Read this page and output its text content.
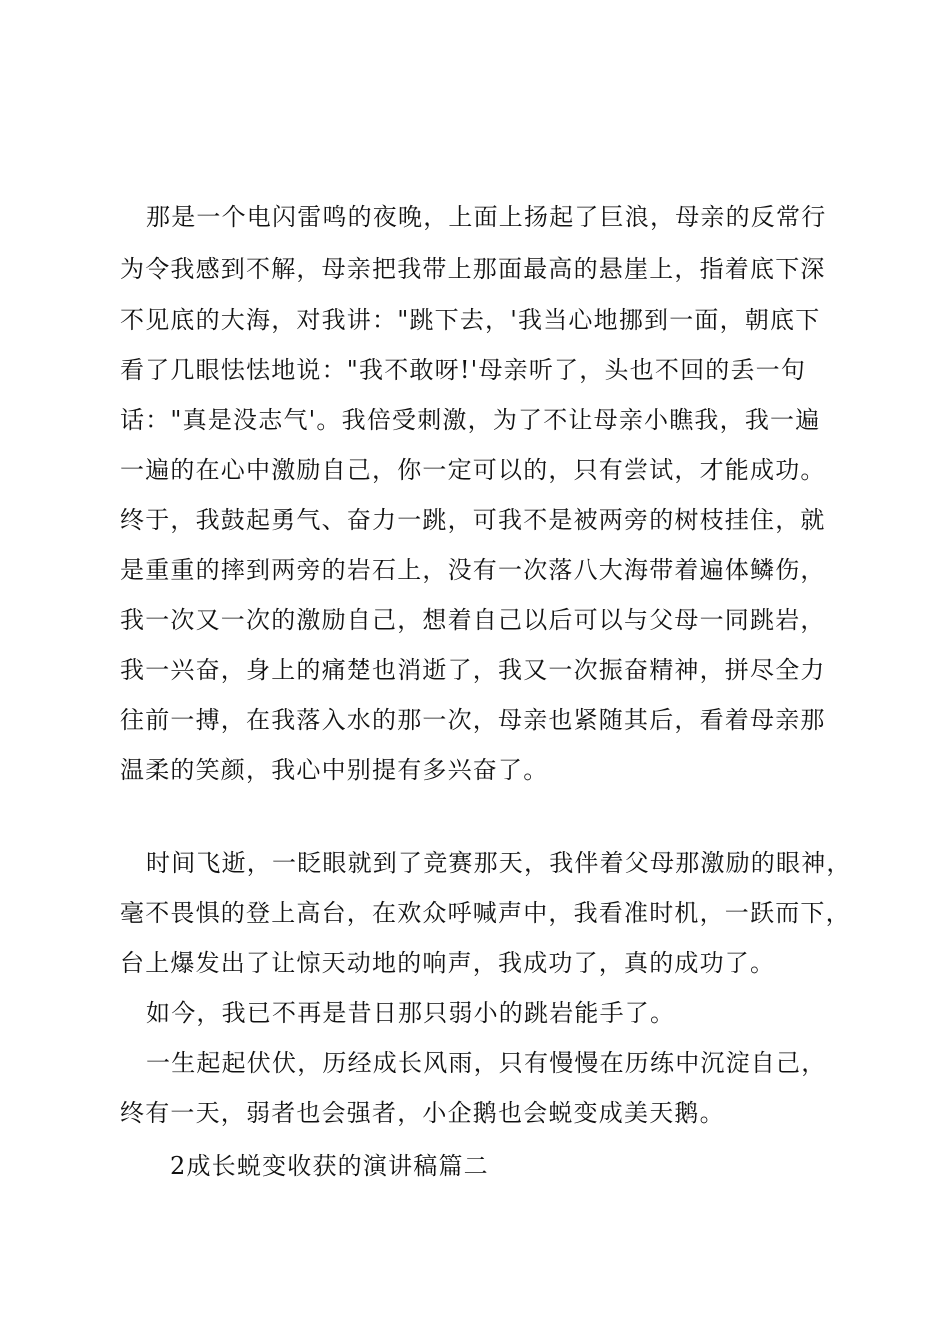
那是一个电闪雷鸣的夜晚，上面上扬起了巨浪，母亲的反常行
为令我感到不解，母亲把我带上那面最高的悬崖上，指着底下深
不见底的大海，对我讲："跳下去，'我当心地挪到一面，朝底下
看了几眼怯怯地说："我不敢呀!'母亲听了，头也不回的丢一句
话："真是没志气'。我倍受刺激，为了不让母亲小瞧我，我一遍
一遍的在心中激励自己，你一定可以的，只有尝试，才能成功。
终于，我鼓起勇气、奋力一跳，可我不是被两旁的树枝挂住，就
是重重的摔到两旁的岩石上，没有一次落八大海带着遍体鳞伤，
我一次又一次的激励自己，想着自己以后可以与父母一同跳岩，
我一兴奋，身上的痛楚也消逝了，我又一次振奋精神，拼尽全力
往前一搏，在我落入水的那一次，母亲也紧随其后，看着母亲那
温柔的笑颜，我心中别提有多兴奋了。
时间飞逝，一眨眼就到了竞赛那天，我伴着父母那激励的眼神，
毫不畏惧的登上高台，在欢众呼喊声中，我看准时机，一跃而下，
台上爆发出了让惊天动地的响声，我成功了，真的成功了。
如今，我已不再是昔日那只弱小的跳岩能手了。
一生起起伏伏，历经成长风雨，只有慢慢在历练中沉淀自己，
终有一天，弱者也会强者，小企鹅也会蜕变成美天鹅。
2成长蜕变收获的演讲稿篇二
